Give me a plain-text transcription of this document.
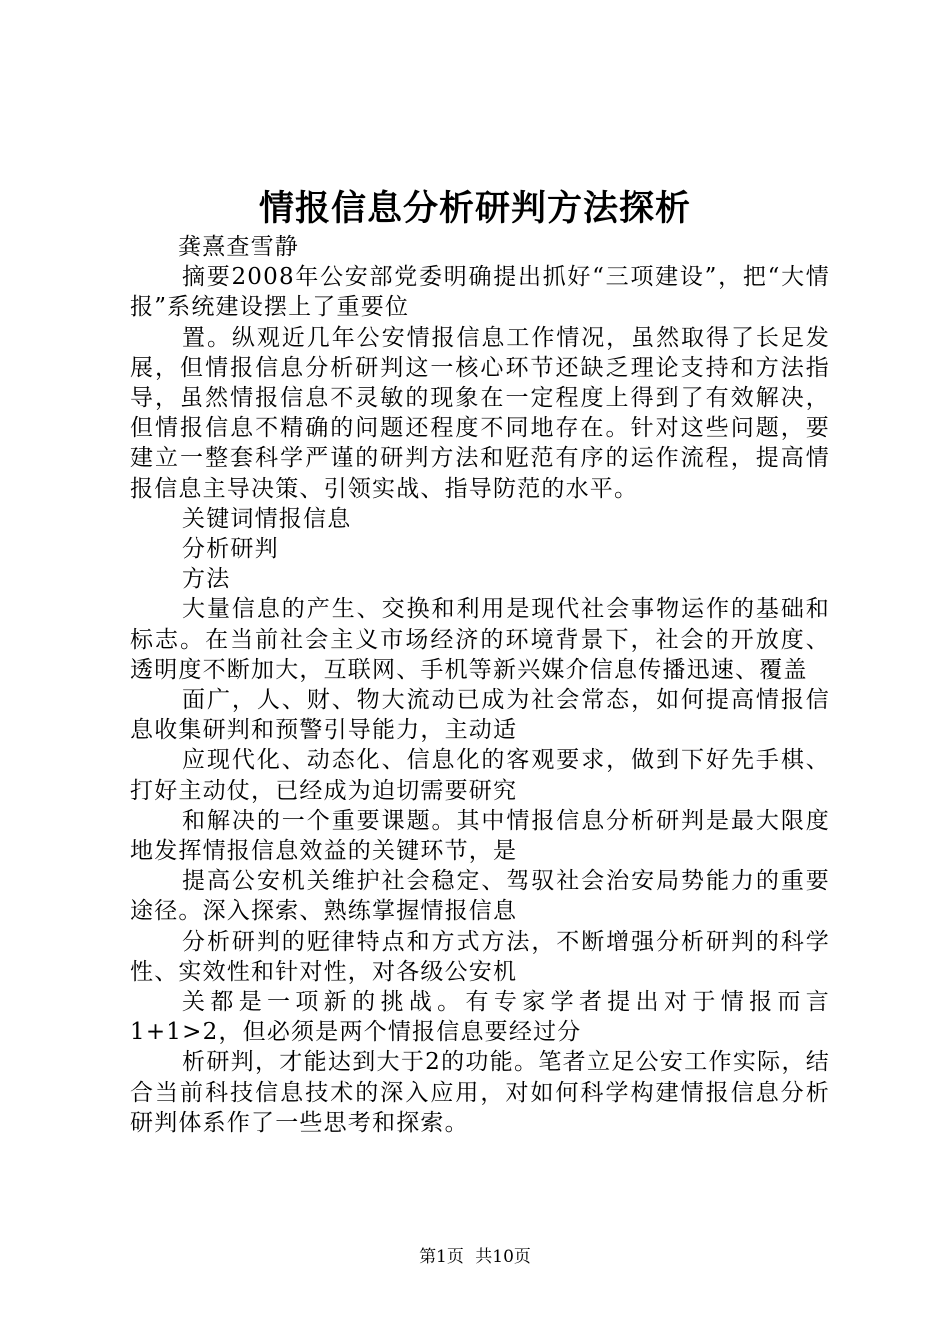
情报信息分析研判方法探析

龚熹查雪静

摘要2008年公安部党委明确提出抓好“三项建设”，把“大情报”系统建设摆上了重要位

置。纵观近几年公安情报信息工作情况，虽然取得了长足发展，但情报信息分析研判这一核心环节还缺乏理论支持和方法指导，虽然情报信息不灵敏的现象在一定程度上得到了有效解决，但情报信息不精确的问题还程度不同地存在。针对这些问题，要建立一整套科学严谨的研判方法和觃范有序的运作流程，提高情报信息主导决策、引领实战、指导防范的水平。

关键词情报信息

分析研判

方法

大量信息的产生、交换和利用是现代社会事物运作的基础和标志。在当前社会主义市场经济的环境背景下，社会的开放度、透明度不断加大，互联网、手机等新兴媒介信息传播迅速、覆盖

面广，人、财、物大流动已成为社会常态，如何提高情报信息收集研判和预警引导能力，主动适

应现代化、动态化、信息化的客观要求，做到下好先手棋、打好主动仗，已经成为迫切需要研究

和解决的一个重要课题。其中情报信息分析研判是最大限度地发挥情报信息效益的关键环节，是

提高公安机关维护社会稳定、驾驭社会治安局势能力的重要途径。深入探索、熟练掌握情报信息

分析研判的觃律特点和方式方法，不断增强分析研判的科学性、实效性和针对性，对各级公安机

关都是一项新的挑战。有专家学者提出对于情报而言1+1>2，但必须是两个情报信息要经过分

析研判，才能达到大于2的功能。笔者立足公安工作实际，结合当前科技信息技术的深入应用，对如何科学构建情报信息分析研判体系作了一些思考和探索。

第1页 共10页
